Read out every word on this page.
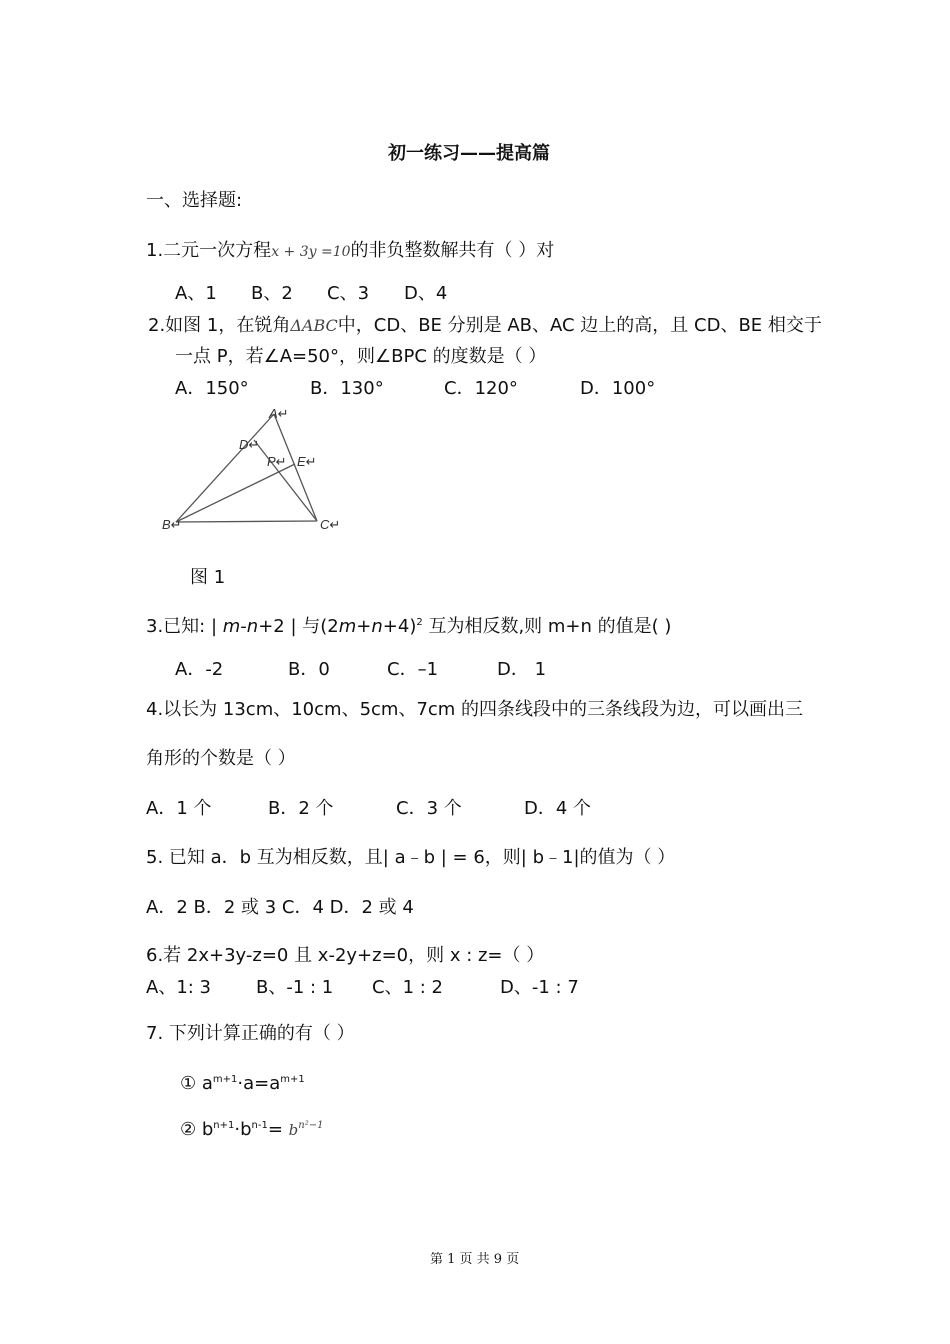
初一练习——提高篇
一、选择题:
1.二元一次方程x + 3y =10的非负整数解共有（ ）对
A、1 B、2 C、3 D、4
2.如图 1，在锐角ΔABC中，CD、BE 分别是 AB、AC 边上的高，且 CD、BE 相交于
一点 P，若∠A=50°，则∠BPC 的度数是（ ）
A．150°	B．130°	C．120°	D．100°
A↵
D↵
P↵ E↵
B↵	C↵
图 1
3.已知: | m-n+2 | 与$(2m+n+4)^2$ 互为相反数,则 m+n 的值是( )
A．-2	B．0	C．–1	D． 1
4.以长为 13cm、10cm、5cm、7cm 的四条线段中的三条线段为边，可以画出三
角形的个数是（ ）
A．1 个	B．2 个	C．3 个	D．4 个
5. 已知 a．b 互为相反数，且| a﹣b | = 6，则| b﹣1|的值为（ ）
A．2 B．2 或 3 C．4 D．2 或 4
6.若 2x+3y-z=0 且 x-2y+z=0，则 x : z=（ ）
A、1: 3 B、-1 : 1 C、1 : 2	D、-1 : 7
7. 下列计算正确的有（ ）
① $a^{m+1}\cdot a=a^{m+1}$
② $b^{n+1}\cdot b^{n-1}= b^{n^2-1}$
第 1 页 共 9 页
